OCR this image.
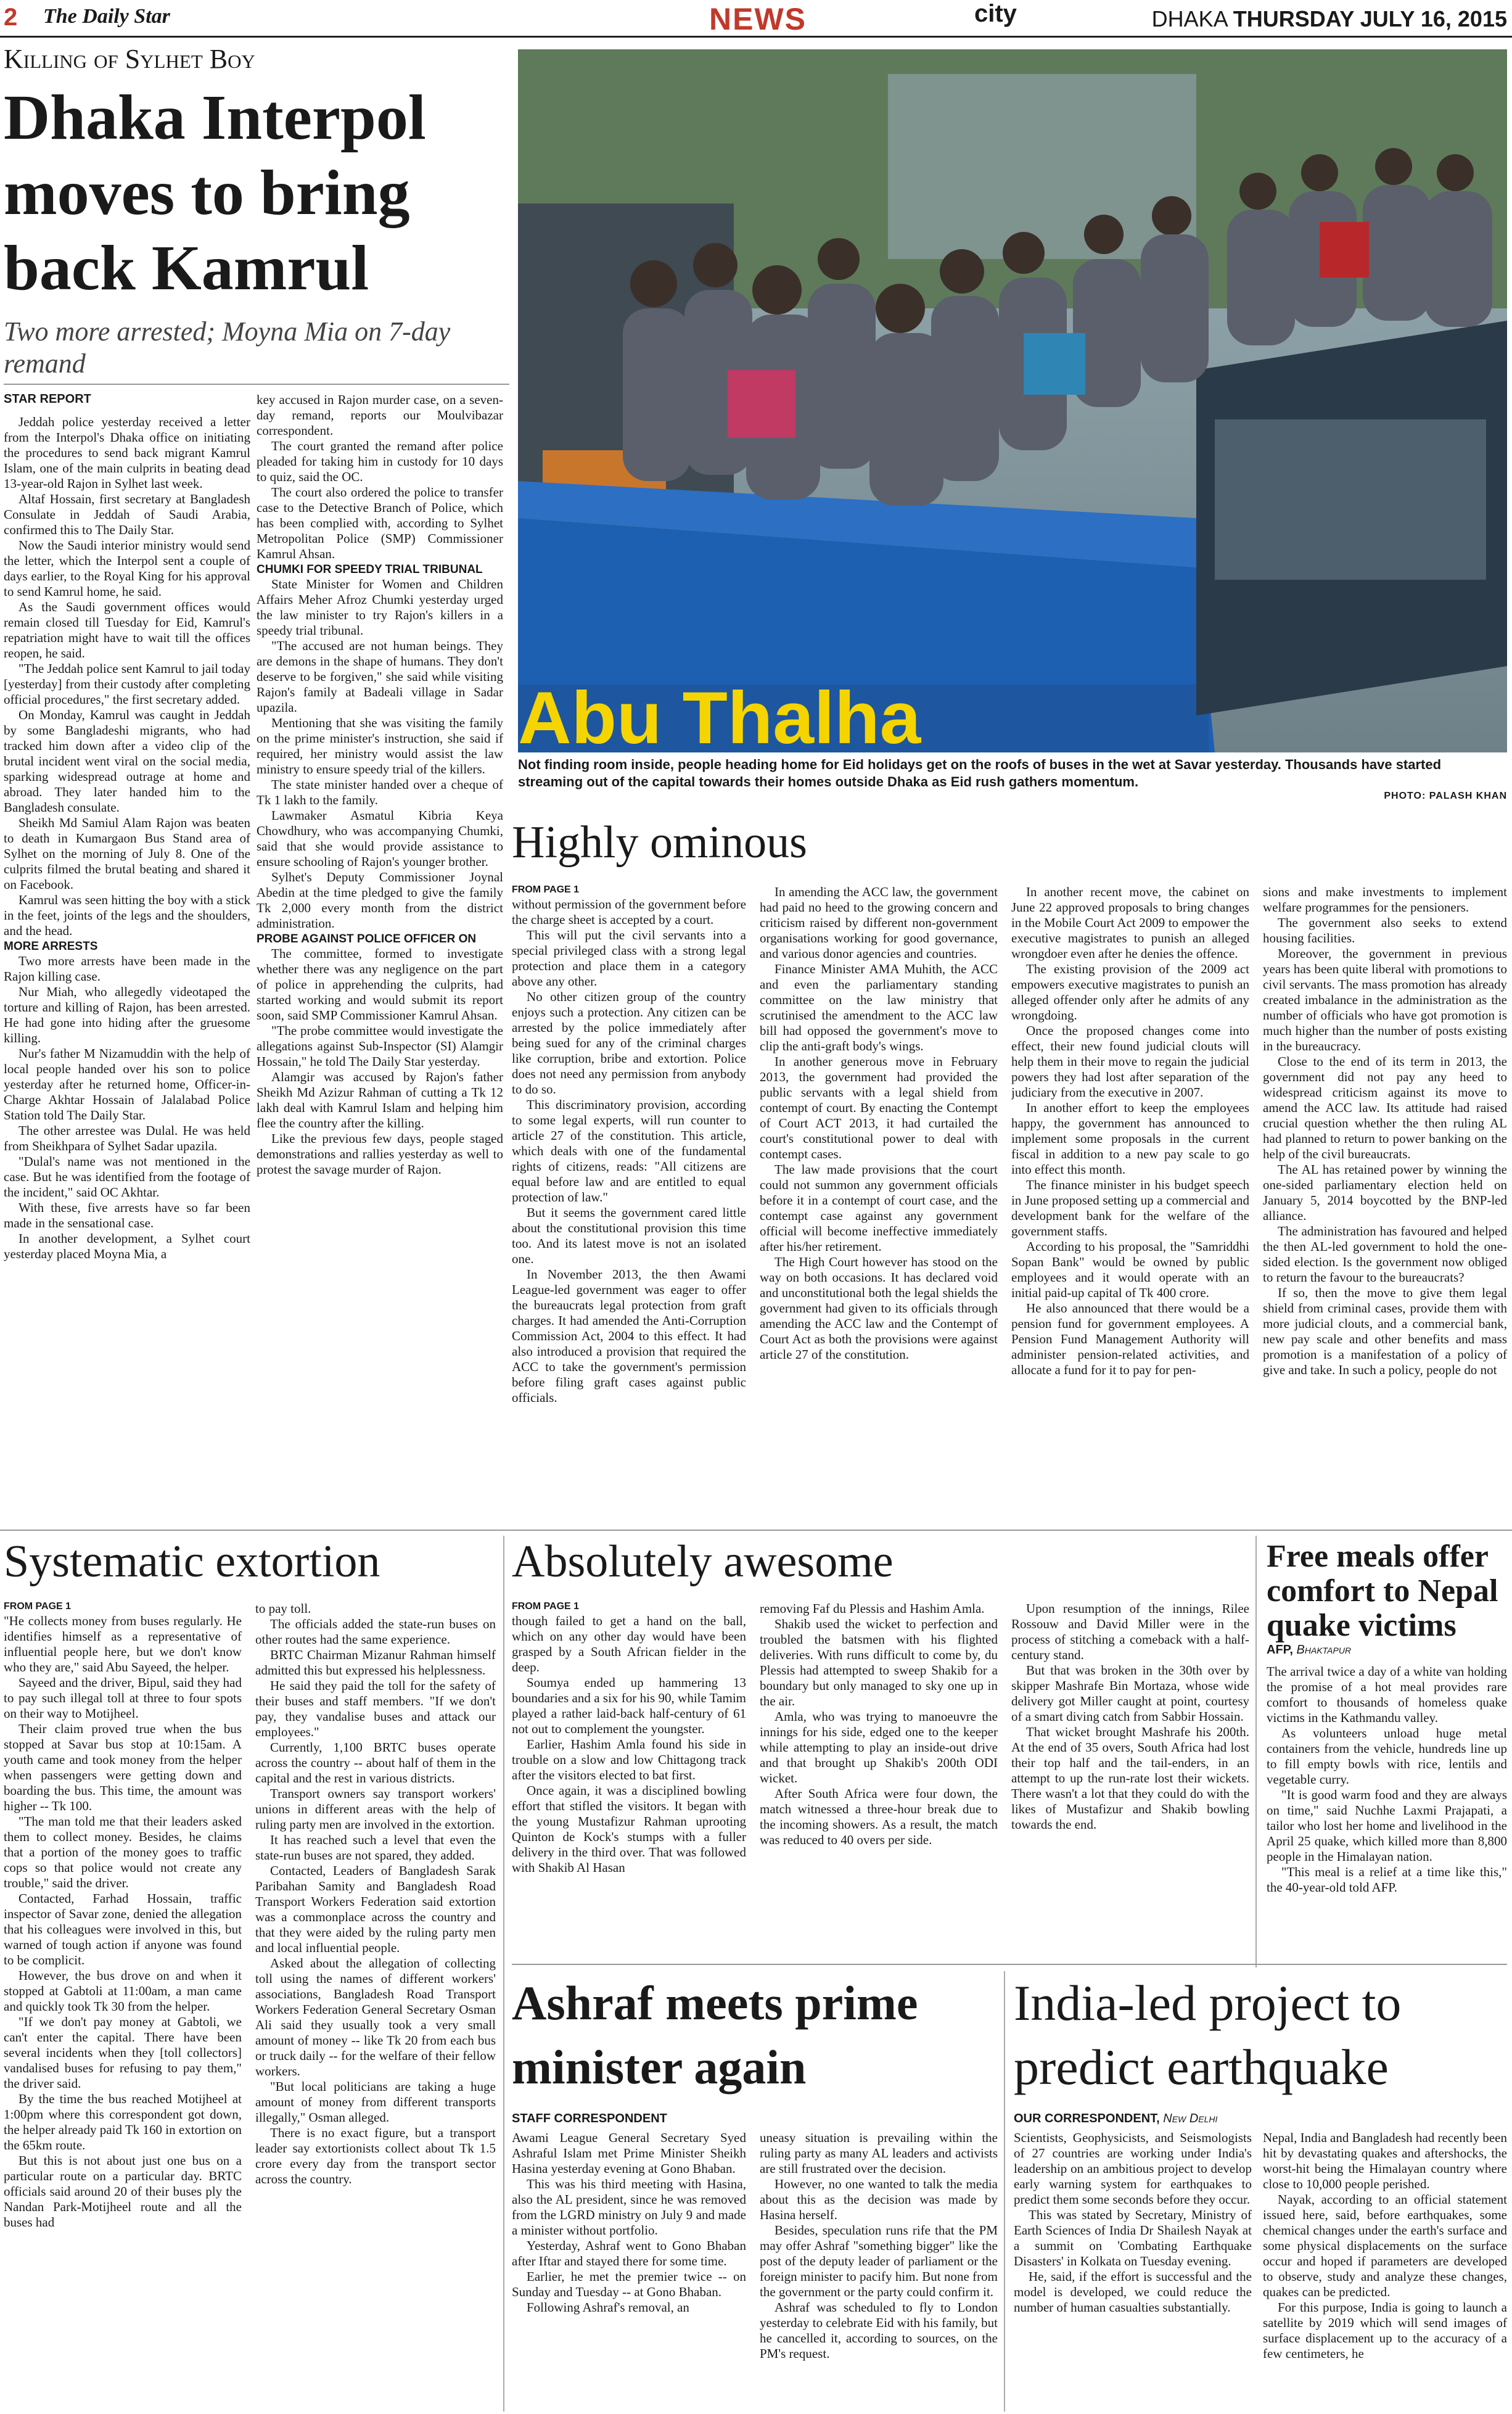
2 The Daily Star	NEWS	city	DHAKA THURSDAY JULY 16, 2015
Killing of Sylhet Boy
Dhaka Interpol moves to bring back Kamrul
Two more arrested; Moyna Mia on 7-day remand
STAR REPORT

Jeddah police yesterday received a letter from the Interpol's Dhaka office on initiating the procedures to send back migrant Kamrul Islam, one of the main culprits in beating dead 13-year-old Rajon in Sylhet last week.

Altaf Hossain, first secretary at Bangladesh Consulate in Jeddah of Saudi Arabia, confirmed this to The Daily Star.

Now the Saudi interior ministry would send the letter, which the Interpol sent a couple of days earlier, to the Royal King for his approval to send Kamrul home, he said.

As the Saudi government offices would remain closed till Tuesday for Eid, Kamrul's repatriation might have to wait till the offices reopen, he said.

"The Jeddah police sent Kamrul to jail today [yesterday] from their custody after completing official procedures," the first secretary added.

On Monday, Kamrul was caught in Jeddah by some Bangladeshi migrants, who had tracked him down after a video clip of the brutal incident went viral on the social media, sparking widespread outrage at home and abroad. They later handed him to the Bangladesh consulate.

Sheikh Md Samiul Alam Rajon was beaten to death in Kumargaon Bus Stand area of Sylhet on the morning of July 8. One of the culprits filmed the brutal beating and shared it on Facebook.

Kamrul was seen hitting the boy with a stick in the feet, joints of the legs and the shoulders, and the head.

MORE ARRESTS

Two more arrests have been made in the Rajon killing case.

Nur Miah, who allegedly videotaped the torture and killing of Rajon, has been arrested. He had gone into hiding after the gruesome killing.

Nur's father M Nizamuddin with the help of local people handed over his son to police yesterday after he returned home, Officer-in-Charge Akhtar Hossain of Jalalabad Police Station told The Daily Star.

The other arrestee was Dulal. He was held from Sheikhpara of Sylhet Sadar upazila.

"Dulal's name was not mentioned in the case. But he was identified from the footage of the incident," said OC Akhtar.

With these, five arrests have so far been made in the sensational case.

In another development, a Sylhet court yesterday placed Moyna Mia, a

key accused in Rajon murder case, on a seven-day remand, reports our Moulvibazar correspondent.

The court granted the remand after police pleaded for taking him in custody for 10 days to quiz, said the OC.

The court also ordered the police to transfer case to the Detective Branch of Police, which has been complied with, according to Sylhet Metropolitan Police (SMP) Commissioner Kamrul Ahsan.

CHUMKI FOR SPEEDY TRIAL TRIBUNAL

State Minister for Women and Children Affairs Meher Afroz Chumki yesterday urged the law minister to try Rajon's killers in a speedy trial tribunal.

"The accused are not human beings. They are demons in the shape of humans. They don't deserve to be forgiven," she said while visiting Rajon's family at Badeali village in Sadar upazila.

Mentioning that she was visiting the family on the prime minister's instruction, she said if required, her ministry would assist the law ministry to ensure speedy trial of the killers.

The state minister handed over a cheque of Tk 1 lakh to the family.

Lawmaker Asmatul Kibria Keya Chowdhury, who was accompanying Chumki, said that she would provide assistance to ensure schooling of Rajon's younger brother.

Sylhet's Deputy Commissioner Joynal Abedin at the time pledged to give the family Tk 2,000 every month from the district administration.

PROBE AGAINST POLICE OFFICER ON

The committee, formed to investigate whether there was any negligence on the part of police in apprehending the culprits, had started working and would submit its report soon, said SMP Commissioner Kamrul Ahsan.

"The probe committee would investigate the allegations against Sub-Inspector (SI) Alamgir Hossain," he told The Daily Star yesterday.

Alamgir was accused by Rajon's father Sheikh Md Azizur Rahman of cutting a Tk 12 lakh deal with Kamrul Islam and helping him flee the country after the killing.

Like the previous few days, people staged demonstrations and rallies yesterday as well to protest the savage murder of Rajon.

Abu Thalha
Not finding room inside, people heading home for Eid holidays get on the roofs of buses in the wet at Savar yesterday. Thousands have started streaming out of the capital towards their homes outside Dhaka as Eid rush gathers momentum.
PHOTO: PALASH KHAN
Highly ominous
FROM PAGE 1

without permission of the government before the charge sheet is accepted by a court.

This will put the civil servants into a special privileged class with a strong legal protection and place them in a category above any other.

No other citizen group of the country enjoys such a protection. Any citizen can be arrested by the police immediately after being sued for any of the criminal charges like corruption, bribe and extortion. Police does not need any permission from anybody to do so.

This discriminatory provision, according to some legal experts, will run counter to article 27 of the constitution. This article, which deals with one of the fundamental rights of citizens, reads: "All citizens are equal before law and are entitled to equal protection of law."

But it seems the government cared little about the constitutional provision this time too. And its latest move is not an isolated one.

In November 2013, the then Awami League-led government was eager to offer the bureaucrats legal protection from graft charges. It had amended the Anti-Corruption Commission Act, 2004 to this effect. It had also introduced a provision that required the ACC to take the government's permission before filing graft cases against public officials.

In amending the ACC law, the government had paid no heed to the growing concern and criticism raised by different non-government organisations working for good governance, and various donor agencies and countries.

Finance Minister AMA Muhith, the ACC and even the parliamentary standing committee on the law ministry that scrutinised the amendment to the ACC law bill had opposed the government's move to clip the anti-graft body's wings.

In another generous move in February 2013, the government had provided the public servants with a legal shield from contempt of court. By enacting the Contempt of Court ACT 2013, it had curtailed the court's constitutional power to deal with contempt cases.

The law made provisions that the court could not summon any government officials before it in a contempt of court case, and the contempt case against any government official will become ineffective immediately after his/her retirement.

The High Court however has stood on the way on both occasions. It has declared void and unconstitutional both the legal shields the government had given to its officials through amending the ACC law and the Contempt of Court Act as both the provisions were against article 27 of the constitution.

In another recent move, the cabinet on June 22 approved proposals to bring changes in the Mobile Court Act 2009 to empower the executive magistrates to punish an alleged wrongdoer even after he denies the offence.

The existing provision of the 2009 act empowers executive magistrates to punish an alleged offender only after he admits of any wrongdoing.

Once the proposed changes come into effect, their new found judicial clouts will help them in their move to regain the judicial powers they had lost after separation of the judiciary from the executive in 2007.

In another effort to keep the employees happy, the government has announced to implement some proposals in the current fiscal in addition to a new pay scale to go into effect this month.

The finance minister in his budget speech in June proposed setting up a commercial and development bank for the welfare of the government staffs.

According to his proposal, the "Samriddhi Sopan Bank" would be owned by public employees and it would operate with an initial paid-up capital of Tk 400 crore.

He also announced that there would be a pension fund for government employees. A Pension Fund Management Authority will administer pension-related activities, and allocate a fund for it to pay for pen-

sions and make investments to implement welfare programmes for the pensioners.

The government also seeks to extend housing facilities.

Moreover, the government in previous years has been quite liberal with promotions to civil servants. The mass promotion has already created imbalance in the administration as the number of officials who have got promotion is much higher than the number of posts existing in the bureaucracy.

Close to the end of its term in 2013, the government did not pay any heed to widespread criticism against its move to amend the ACC law. Its attitude had raised crucial question whether the then ruling AL had planned to return to power banking on the help of the civil bureaucrats.

The AL has retained power by winning the one-sided parliamentary election held on January 5, 2014 boycotted by the BNP-led alliance.

The administration has favoured and helped the then AL-led government to hold the one-sided election. Is the government now obliged to return the favour to the bureaucrats?

If so, then the move to give them legal shield from criminal cases, provide them with more judicial clouts, and a commercial bank, new pay scale and other benefits and mass promotion is a manifestation of a policy of give and take. In such a policy, people do not

Systematic extortion
FROM PAGE 1

"He collects money from buses regularly. He identifies himself as a representative of influential people here, but we don't know who they are," said Abu Sayeed, the helper.

Sayeed and the driver, Bipul, said they had to pay such illegal toll at three to four spots on their way to Motijheel.

Their claim proved true when the bus stopped at Savar bus stop at 10:15am. A youth came and took money from the helper when passengers were getting down and boarding the bus. This time, the amount was higher -- Tk 100.

"The man told me that their leaders asked them to collect money. Besides, he claims that a portion of the money goes to traffic cops so that police would not create any trouble," said the driver.

Contacted, Farhad Hossain, traffic inspector of Savar zone, denied the allegation that his colleagues were involved in this, but warned of tough action if anyone was found to be complicit.

However, the bus drove on and when it stopped at Gabtoli at 11:00am, a man came and quickly took Tk 30 from the helper.

"If we don't pay money at Gabtoli, we can't enter the capital. There have been several incidents when they [toll collectors] vandalised buses for refusing to pay them," the driver said.

By the time the bus reached Motijheel at 1:00pm where this correspondent got down, the helper already paid Tk 160 in extortion on the 65km route.

But this is not about just one bus on a particular route on a particular day. BRTC officials said around 20 of their buses ply the Nandan Park-Motijheel route and all the buses had

to pay toll.

The officials added the state-run buses on other routes had the same experience.

BRTC Chairman Mizanur Rahman himself admitted this but expressed his helplessness.

He said they paid the toll for the safety of their buses and staff members. "If we don't pay, they vandalise buses and attack our employees."

Currently, 1,100 BRTC buses operate across the country -- about half of them in the capital and the rest in various districts.

Transport owners say transport workers' unions in different areas with the help of ruling party men are involved in the extortion.

It has reached such a level that even the state-run buses are not spared, they added.

Contacted, Leaders of Bangladesh Sarak Paribahan Samity and Bangladesh Road Transport Workers Federation said extortion was a commonplace across the country and that they were aided by the ruling party men and local influential people.

Asked about the allegation of collecting toll using the names of different workers' associations, Bangladesh Road Transport Workers Federation General Secretary Osman Ali said they usually took a very small amount of money -- like Tk 20 from each bus or truck daily -- for the welfare of their fellow workers.

"But local politicians are taking a huge amount of money from different transports illegally," Osman alleged.

There is no exact figure, but a transport leader say extortionists collect about Tk 1.5 crore every day from the transport sector across the country.

Absolutely awesome
FROM PAGE 1

though failed to get a hand on the ball, which on any other day would have been grasped by a South African fielder in the deep.

Soumya ended up hammering 13 boundaries and a six for his 90, while Tamim played a rather laid-back half-century of 61 not out to complement the youngster.

Earlier, Hashim Amla found his side in trouble on a slow and low Chittagong track after the visitors elected to bat first.

Once again, it was a disciplined bowling effort that stifled the visitors. It began with the young Mustafizur Rahman uprooting Quinton de Kock's stumps with a fuller delivery in the third over. That was followed with Shakib Al Hasan

removing Faf du Plessis and Hashim Amla.

Shakib used the wicket to perfection and troubled the batsmen with his flighted deliveries. With runs difficult to come by, du Plessis had attempted to sweep Shakib for a boundary but only managed to sky one up in the air.

Amla, who was trying to manoeuvre the innings for his side, edged one to the keeper while attempting to play an inside-out drive and that brought up Shakib's 200th ODI wicket.

After South Africa were four down, the match witnessed a three-hour break due to the incoming showers. As a result, the match was reduced to 40 overs per side.

Upon resumption of the innings, Rilee Rossouw and David Miller were in the process of stitching a comeback with a half-century stand.

But that was broken in the 30th over by skipper Mashrafe Bin Mortaza, whose wide delivery got Miller caught at point, courtesy of a smart diving catch from Sabbir Hossain.

That wicket brought Mashrafe his 200th. At the end of 35 overs, South Africa had lost their top half and the tail-enders, in an attempt to up the run-rate lost their wickets. There wasn't a lot that they could do with the likes of Mustafizur and Shakib bowling towards the end.

Free meals offer comfort to Nepal quake victims
AFP, Bhaktapur

The arrival twice a day of a white van holding the promise of a hot meal provides rare comfort to thousands of homeless quake victims in the Kathmandu valley.

As volunteers unload huge metal containers from the vehicle, hundreds line up to fill empty bowls with rice, lentils and vegetable curry.

"It is good warm food and they are always on time," said Nuchhe Laxmi Prajapati, a tailor who lost her home and livelihood in the April 25 quake, which killed more than 8,800 people in the Himalayan nation.

"This meal is a relief at a time like this," the 40-year-old told AFP.

Ashraf meets prime minister again
STAFF CORRESPONDENT

Awami League General Secretary Syed Ashraful Islam met Prime Minister Sheikh Hasina yesterday evening at Gono Bhaban.

This was his third meeting with Hasina, also the AL president, since he was removed from the LGRD ministry on July 9 and made a minister without portfolio.

Yesterday, Ashraf went to Gono Bhaban after Iftar and stayed there for some time.

Earlier, he met the premier twice -- on Sunday and Tuesday -- at Gono Bhaban.

Following Ashraf's removal, an

uneasy situation is prevailing within the ruling party as many AL leaders and activists are still frustrated over the decision.

However, no one wanted to talk the media about this as the decision was made by Hasina herself.

Besides, speculation runs rife that the PM may offer Ashraf "something bigger" like the post of the deputy leader of parliament or the foreign minister to pacify him. But none from the government or the party could confirm it.

Ashraf was scheduled to fly to London yesterday to celebrate Eid with his family, but he cancelled it, according to sources, on the PM's request.

India-led project to predict earthquake
OUR CORRESPONDENT, New Delhi

Scientists, Geophysicists, and Seismologists of 27 countries are working under India's leadership on an ambitious project to develop early warning system for earthquakes to predict them some seconds before they occur.

This was stated by Secretary, Ministry of Earth Sciences of India Dr Shailesh Nayak at a summit on 'Combating Earthquake Disasters' in Kolkata on Tuesday evening.

He, said, if the effort is successful and the model is developed, we could reduce the number of human casualties substantially.

Nepal, India and Bangladesh had recently been hit by devastating quakes and aftershocks, the worst-hit being the Himalayan country where close to 10,000 people perished.

Nayak, according to an official statement issued here, said, before earthquakes, some chemical changes under the earth's surface and some physical displacements on the surface occur and hoped if parameters are developed to observe, study and analyze these changes, quakes can be predicted.

For this purpose, India is going to launch a satellite by 2019 which will send images of surface displacement up to the accuracy of a few centimeters, he
